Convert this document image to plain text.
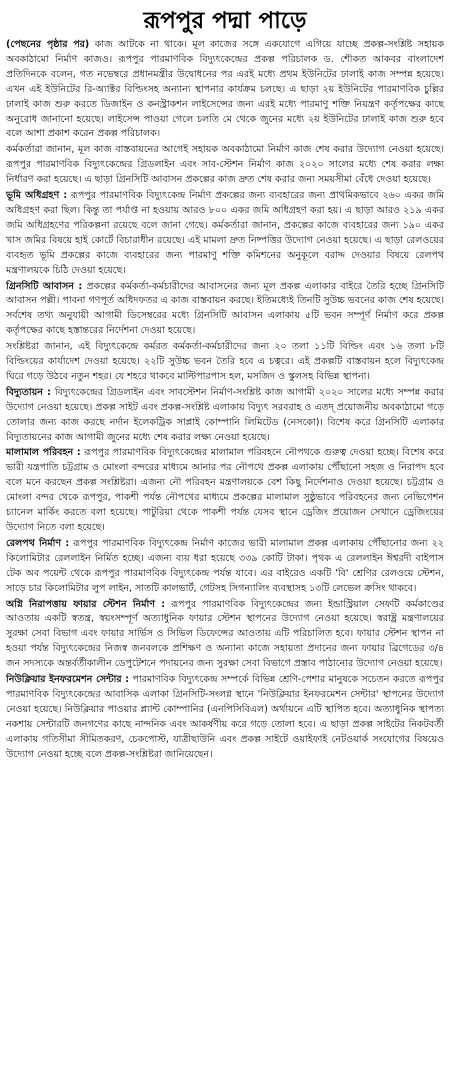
রূপপুর পদ্মা পাড়ে

(পেছনের পৃষ্ঠার পর) কাজ আটকে না থাকে। মূল কাজের সঙ্গে একযোগে এগিয়ে যাচ্ছে প্রকল্প-সংশ্লিষ্ট সহায়ক অবকাঠামো নির্মাণ কাজও। রূপপুর পারমাণবিক বিদ্যুৎকেন্দ্রের প্রকল্প পরিচালক ড. শৌকত আকবর বাংলাদেশ প্রতিদিনকে বলেন, গত নভেম্বরে প্রধানমন্ত্রীর উদ্বোধনের পর এরই মধ্যে প্রথম ইউনিটের ঢালাই কাজ সম্পন্ন হয়েছে। এখন এই ইউনিটের রি-অ্যাক্টর বিল্ডিংসহ অন্যান্য স্থাপনার কার্যক্রম চলছে। এ ছাড়া ২য় ইউনিটের পারমাণবিক চুল্লির ঢালাই কাজ শুরু করতে ডিজাইন ও কনস্ট্রাকশন লাইসেন্সের জন্য এরই মধ্যে পারমাণু শক্তি নিয়ন্ত্রণ কর্তৃপক্ষের কাছে অনুরোধ জানানো হয়েছে। লাইসেন্স পাওয়া গেলে চলতি মে থেকে জুনের মধ্যে ২য় ইউনিটের ঢালাই কাজ শুরু হবে বলে আশা প্রকাশ করেন প্রকল্প পরিচালক।

কর্মকর্তারা জানান, মূল কাজ বাস্তবায়নের আগেই সহায়ক অবকাঠামো নির্মাণ কাজ শেষ করার উদ্যোগ নেওয়া হয়েছে। রূপপুর পারমাণবিক বিদ্যুৎকেন্দ্রের গ্রিডলাইন এবং সাব-স্টেশন নির্মাণ কাজ ২০২০ সালের মধ্যে শেষ করার লক্ষ্য নির্ধারণ করা হয়েছে। এ ছাড়া গ্রিনসিটি আবাসন প্রকল্পের কাজ দ্রুত শেষ করার জন্য সময়সীমা বেঁধে দেওয়া হয়েছে।

ভূমি অধিগ্রহণ : রূপপুর পারমাণবিক বিদ্যুৎকেন্দ্র নির্মাণ প্রকল্পের জন্য ব্যবহারের জন্য প্রাথমিকভাবে ২৬০ একর জমি অধিগ্রহণ করা ছিল। কিন্তু তা পর্যাপ্ত না হওয়ায় আরও ৮০০ একর জমি অধিগ্রহণ করা হয়। এ ছাড়া আরও ২১৯ একর জমি অধিগ্রহণের পরিকল্পনা রয়েছে বলে জানা গেছে। কর্মকর্তারা জানান, প্রকল্পের কাজে ব্যবহারের জন্য ১৯০ একর খাস জমির বিষয়ে হাই কোর্টে বিচারাধীন রয়েছে। এই মামলা দ্রুত নিষ্পত্তির উদ্যোগ নেওয়া হয়েছে। এ ছাড়া রেলওয়ের ব্যবহৃত ভূমি প্রকল্পের কাজে ব্যবহারের জন্য পারমাণু শক্তি কমিশনের অনুকূলে বরাদ্দ দেওয়ার বিষয়ে রেলপথ মন্ত্রণালয়কে চিঠি দেওয়া হয়েছে।

গ্রিনসিটি আবাসন : প্রকল্পের কর্মকর্তা-কর্মচারীদের আবাসনের জন্য মূল প্রকল্প এলাকার বাইরে তৈরি হচ্ছে গ্রিনসিটি আবাসন পল্লী। পাবনা গণপূর্ত অধিদফতর এ কাজ বাস্তবায়ন করছে। ইতিমধ্যেই তিনটি সুউচ্চ ভবনের কাজ শেষ হয়েছে। সর্বশেষ তথ্য অনুযায়ী আগামী ডিসেম্বরের মধ্যে গ্রিনসিটি আবাসন এলাকায় ৫টি ভবন সম্পূর্ণ নির্মাণ করে প্রকল্প কর্তৃপক্ষের কাছে হস্তান্তরের নির্দেশনা দেওয়া হয়েছে।

সংশ্লিষ্টরা জানান, এই বিদ্যুৎকেন্দ্রে কর্মরত কর্মকর্তা-কর্মচারীদের জন্য ২০ তলা ১১টি বিল্ডিং এবং ১৬ তলা ৮টি বিল্ডিংয়ের কার্যাদেশ দেওয়া হয়েছে। ২২টি সুউচ্চ ভবন তৈরি হবে এ চত্বরে। এই প্রকল্পটি বাস্তবায়ন হলে বিদ্যুৎকেন্দ্র ঘিরে গড়ে উঠবে নতুন শহর। যে শহরে থাকবে মাল্টিপারপাস হল, মসজিদ ও স্কুলসহ বিভিন্ন স্থাপনা।

বিদ্যুতায়ন : বিদ্যুৎকেন্দ্রের গ্রিডলাইন এবং সাবস্টেশন নির্মাণ-সংশ্লিষ্ট কাজ আগামী ২০২০ সালের মধ্যে সম্পন্ন করার উদ্যোগ নেওয়া হয়েছে। প্রকল্প সাইট এবং প্রকল্প-সংশ্লিষ্ট এলাকায় বিদ্যুৎ সরবরাহ ও এতদ্ প্রয়োজনীয় অবকাঠামো গড়ে তোলার জন্য কাজ করছে নর্দান ইলেকট্রিক সাপ্লাই কোম্পানি লিমিটেড (নেসকো)। বিশেষ করে গ্রিনসিটি এলাকার বিদ্যুতায়নের কাজ আগামী জুনের মধ্যে শেষ করার লক্ষ্য নেওয়া হয়েছে।

মালামাল পরিবহন : রূপপুর পারমাণবিক বিদ্যুৎকেন্দ্রের মালামাল পরিবহনে নৌপথকে গুরুত্ব দেওয়া হচ্ছে। বিশেষ করে ভারী যন্ত্রপাতি চট্টগ্রাম ও মোংলা বন্দরের মাধ্যমে আনার পর নৌপথে প্রকল্প এলাকায় পৌঁছানো সহজ ও নিরাপদ হবে বলে মনে করছেন প্রকল্প সংশ্লিষ্টরা। এজন্য নৌ পরিবহন মন্ত্রণালয়কে বেশ কিছু নির্দেশনাও দেওয়া হয়েছে। চট্টগ্রাম ও মোংলা বন্দর থেকে রূপপুর, পাকশী পর্যন্ত নৌপথের মাধ্যমে প্রকল্পের মালামাল সুষ্ঠুভাবে পরিবহনের জন্য নেভিগেশন চ্যানেল মার্কিং করতে বলা হয়েছে। পাটুরিয়া থেকে পাকশী পর্যন্ত যেসব স্থানে ড্রেজিং প্রয়োজন সেখানে ড্রেজিংয়ের উদ্যোগ নিতে বলা হয়েছে।

রেলপথ নির্মাণ : রূপপুর পারমাণবিক বিদ্যুৎকেন্দ্র নির্মাণ কাজের ভারী মালামাল প্রকল্প এলাকায় পৌঁছানোর জন্য ২২ কিলোমিটার রেললাইন নির্মিত হচ্ছে। এজন্য ব্যয় ধরা হয়েছে ৩৩৯ কোটি টাকা। পৃথক এ রেললাইন ঈশ্বরদী বাইপাস টেক অব পয়েন্ট থেকে রূপপুর পারমাণবিক বিদ্যুৎকেন্দ্র পর্যন্ত যাবে। এর বাইরেও একটি 'বি' শ্রেণির রেলওয়ে স্টেশন, সাড়ে চার কিলোমিটার লুপ লাইন, সাতটি কালভার্ট, গেটসহ সিগন্যালিং ব্যবস্থাসহ ১৩টি লেভেল ক্রসিং থাকবে।

অগ্নি নিরাপত্তায় ফায়ার স্টেশন নির্মাণ : রূপপুর পারমাণবিক বিদ্যুৎকেন্দ্রের জন্য ইন্ডাস্ট্রিয়াল সেফটি কর্মকাণ্ডের আওতায় একটি স্বতন্ত্র, স্বয়ংসম্পূর্ণ অত্যাধুনিক ফায়ার স্টেশন স্থাপনের উদ্যোগ নেওয়া হয়েছে। স্বরাষ্ট্র মন্ত্রণালয়ের সুরক্ষা সেবা বিভাগ এবং ফায়ার সার্ভিস ও সিভিল ডিফেন্সের আওতায় এটি পরিচালিত হবে। ফায়ার স্টেশন স্থাপন না হওয়া পর্যন্ত বিদ্যুৎকেন্দ্রের নিজস্ব জনবলকে প্রশিক্ষণ ও অন্যান্য কাজে সহায়তা প্রদানের জন্য ফায়ার ব্রিগেডের ৩/৪ জন সদস্যকে অন্তর্বর্তীকালীন ডেপুটেশনে পদায়নের জন্য সুরক্ষা সেবা বিভাগে প্রস্তাব পাঠানোর উদ্যোগ নেওয়া হয়েছে।

নিউক্লিয়ার ইনফরমেশন সেন্টার : পারমাণবিক বিদ্যুৎকেন্দ্র সম্পর্কে বিভিন্ন শ্রেণি-পেশার মানুষকে সচেতন করতে রূপপুর পারমাণবিক বিদ্যুৎকেন্দ্রের আবাসিক এলাকা গ্রিনসিটি-সংলগ্ন স্থানে 'নিউক্লিয়ার ইনফরমেশন সেন্টার' স্থাপনের উদ্যোগ নেওয়া হয়েছে। নিউক্লিয়ার পাওয়ার প্ল্যান্ট কোম্পানির (এনপিসিবিএল) অর্থায়নে এটি স্থাপিত হবে। অত্যাধুনিক স্থাপত্য নকশায় সেন্টারটি জনগণের কাছে নান্দনিক এবং আকর্ষণীয় করে গড়ে তোলা হবে। এ ছাড়া প্রকল্প সাইটের নিকটবর্তী এলাকায় গতিসীমা সীমিতকরণ, চেকপোস্ট, যাত্রীছাউনি এবং প্রকল্প সাইটে ওয়াইফাই নেটওয়ার্ক সংযোগের বিষয়েও উদ্যোগ নেওয়া হচ্ছে বলে প্রকল্প-সংশ্লিষ্টরা জানিয়েছেন।
